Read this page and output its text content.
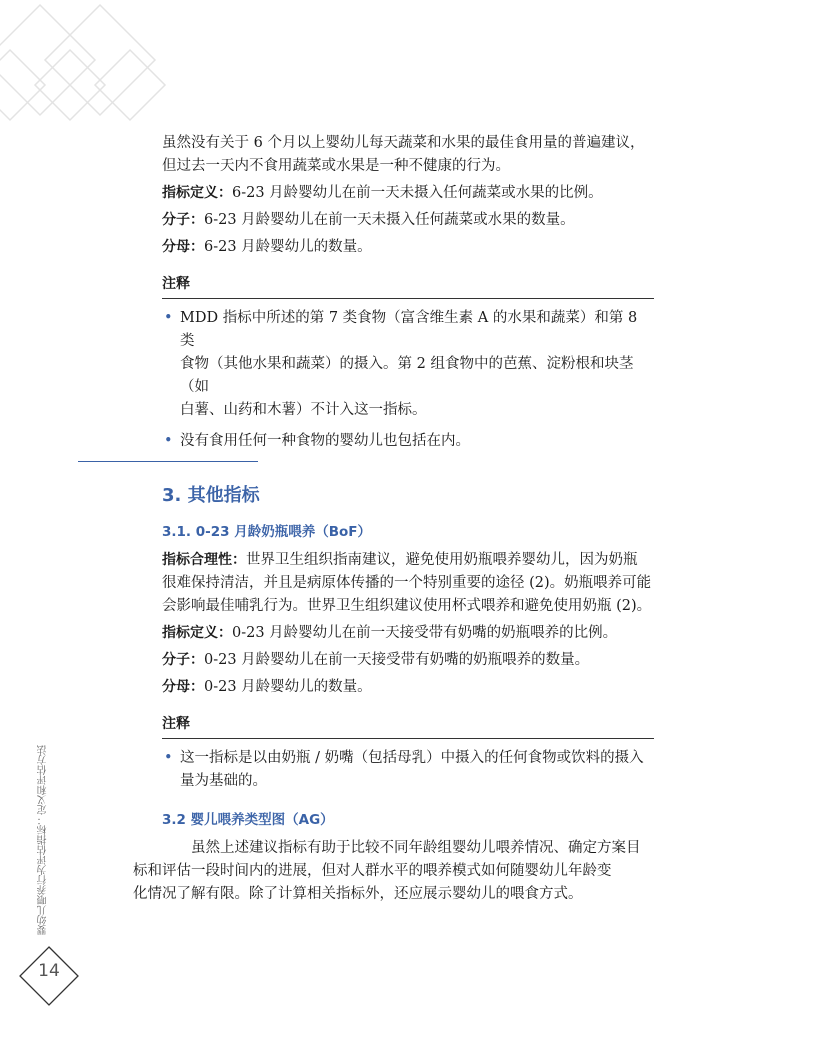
虽然没有关于 6 个月以上婴幼儿每天蔬菜和水果的最佳食用量的普遍建议，
但过去一天内不食用蔬菜或水果是一种不健康的行为。

指标定义：6-23 月龄婴幼儿在前一天未摄入任何蔬菜或水果的比例。

分子：6-23 月龄婴幼儿在前一天未摄入任何蔬菜或水果的数量。

分母：6-23 月龄婴幼儿的数量。

注释
• MDD 指标中所述的第 7 类食物（富含维生素 A 的水果和蔬菜）和第 8 类
食物（其他水果和蔬菜）的摄入。第 2 组食物中的芭蕉、淀粉根和块茎（如
白薯、山药和木薯）不计入这一指标。
• 没有食用任何一种食物的婴幼儿也包括在内。

3. 其他指标

3.1. 0-23 月龄奶瓶喂养（BoF）

指标合理性：世界卫生组织指南建议，避免使用奶瓶喂养婴幼儿，因为奶瓶
很难保持清洁，并且是病原体传播的一个特别重要的途径 (2)。奶瓶喂养可能
会影响最佳哺乳行为。世界卫生组织建议使用杯式喂养和避免使用奶瓶 (2)。

指标定义：0-23 月龄婴幼儿在前一天接受带有奶嘴的奶瓶喂养的比例。

分子：0-23 月龄婴幼儿在前一天接受带有奶嘴的奶瓶喂养的数量。

分母：0-23 月龄婴幼儿的数量。

注释
• 这一指标是以由奶瓶 / 奶嘴（包括母乳）中摄入的任何食物或饮料的摄入
量为基础的。

3.2 婴儿喂养类型图（AG）

虽然上述建议指标有助于比较不同年龄组婴幼儿喂养情况、确定方案目
标和评估一段时间内的进展，但对人群水平的喂养模式如何随婴幼儿年龄变
化情况了解有限。除了计算相关指标外，还应展示婴幼儿的喂食方式。

婴幼儿喂养行为评估指标：定义和评估方法
14
